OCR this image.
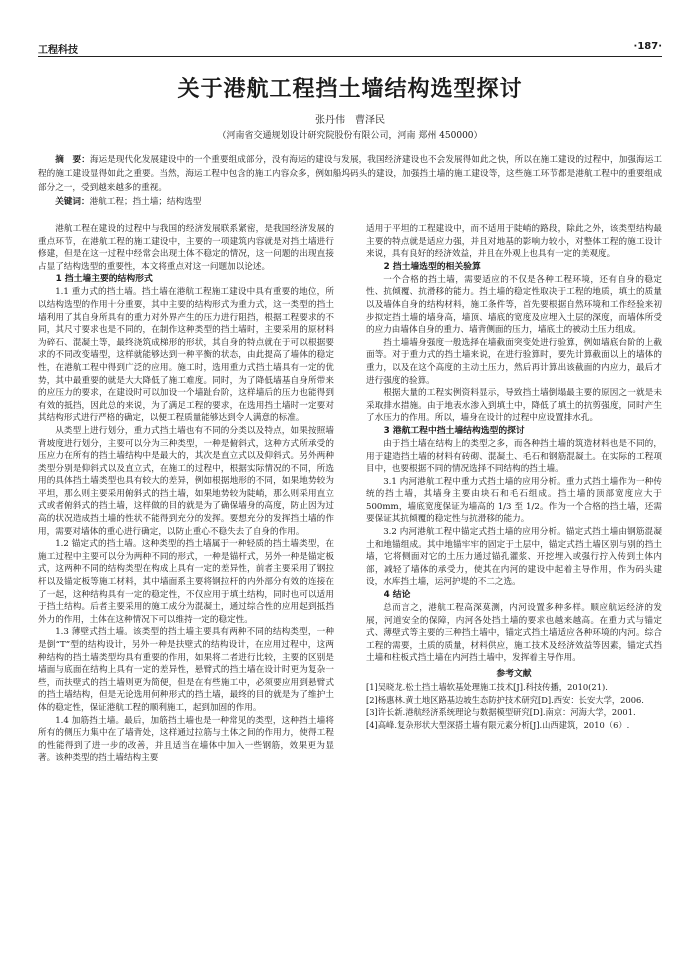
工程科技	·187·
关于港航工程挡土墙结构选型探讨
张丹伟　曹泽民
（河南省交通规划设计研究院股份有限公司，河南 郑州 450000）
摘　要：海运是现代化发展建设中的一个重要组成部分，没有海运的建设与发展，我国经济建设也不会发展得如此之快，所以在施工建设的过程中，加强海运工程的施工建设显得如此之重要。当然，海运工程中包含的施工内容众多，例如船坞码头的建设，加强挡土墙的施工建设等，这些施工环节都是港航工程中的重要组成部分之一，受到越来越多的重视。
关键词：港航工程；挡土墙；结构选型

港航工程在建设的过程中与我国的经济发展联系紧密，是我国经济发展的重点环节，在港航工程的施工建设中，主要的一项建筑内容就是对挡土墙进行修建，但是在这一过程中经常会出现土体不稳定的情况，这一问题的出现直接占显了结构选型的重要性，本文将重点对这一问题加以论述。

1 挡土墙主要的结构形式

1.1 重力式的挡土墙。挡土墙在港航工程施工建设中具有重要的地位，所以结构选型的作用十分重要，其中主要的结构形式为重力式，这一类型的挡土墙利用了其自身所具有的重力对外界产生的压力进行阻挡，根据工程要求的不同，其尺寸要求也是不同的，在制作这种类型的挡土墙时，主要采用的原材料为碎石、混凝土等，最终浇筑成梯形的形状，其自身的特点就在于可以根据要求的不同改变墙型，这样就能够达到一种平衡的状态，由此提高了墙体的稳定性，在港航工程中得到广泛的应用。施工时，选用重力式挡土墙具有一定的优势，其中最重要的就是大大降低了施工难度。同时，为了降低墙基自身所带来的应压力的要求，在建设时可以加设一个墙趾台阶，这样墙后的压力也能得到有效的抵挡，因此总的来说，为了满足工程的要求，在选用挡土墙时一定要对其结构形式进行严格的确定，以便工程质量能够达到令人满意的标准。

从类型上进行划分，重力式挡土墙也有不同的分类以及特点，如果按照墙背坡度进行划分，主要可以分为三种类型，一种是俯斜式，这种方式所承受的压应力在所有的挡土墙结构中是最大的，其次是直立式以及仰斜式。另外两种类型分别是仰斜式以及直立式，在施工的过程中，根据实际情况的不同，所选用的具体挡土墙类型也具有较大的差异，例如根据地形的不同，如果地势较为平坦，那么则主要采用俯斜式的挡土墙，如果地势较为陡峭，那么则采用直立式或者俯斜式的挡土墙，这样做的目的就是为了确保墙身的高度，防止因为过高的状况造成挡土墙的性状不能得到充分的发挥。要想充分的发挥挡土墙的作用，需要对墙体的重心进行确定，以防止重心不稳失去了自身的作用。

1.2 锚定式的挡土墙。这种类型的挡土墙属于一种轻质的挡土墙类型，在施工过程中主要可以分为两种不同的形式，一种是锚杆式，另外一种是锚定板式，这两种不同的结构类型在构成上具有一定的差异性，前者主要采用了钢拉杆以及锚定板等施工材料，其中墙面系主要将钢拉杆的内外部分有效的连接在了一起，这种结构具有一定的稳定性，不仅应用于填土结构，同时也可以适用于挡土结构。后者主要采用的施工成分为混凝土，通过综合性的应用起到抵挡外力的作用，土体在这种情况下可以维持一定的稳定性。

1.3 薄壁式挡土墙。该类型的挡土墙主要具有两种不同的结构类型，一种是倒“T”型的结构设计，另外一种是扶壁式的结构设计，在应用过程中，这两种结构的挡土墙类型均具有重要的作用，如果将二者进行比较，主要的区别是墙面与底面在结构上具有一定的差异性，悬臂式的挡土墙在设计时更为复杂一些，而扶壁式的挡土墙则更为简便，但是在有些施工中，必须要应用到悬臂式的挡土墙结构，但是无论选用何种形式的挡土墙，最终的目的就是为了维护土体的稳定性，保证港航工程的顺利施工，起到加固的作用。

1.4 加筋挡土墙。最后，加筋挡土墙也是一种常见的类型，这种挡土墙将所有的侧压力集中在了墙背处，这样通过拉筋与土体之间的作用力，使得工程的性能得到了进一步的改善，并且适当在墙体中加入一些钢筋，效果更为显著。该种类型的挡土墙结构主要

适用于平坦的工程建设中，而不适用于陡峭的路段，除此之外，该类型结构最主要的特点就是适应力强，并且对地基的影响力较小，对整体工程的施工设计来说，具有良好的经济效益，并且在外观上也具有一定的美观度。

2 挡土墙选型的相关验算

一个合格的挡土墙，需要适应的不仅是各种工程环境，还有自身的稳定性、抗倾覆、抗滑移的能力。挡土墙的稳定性取决于工程的地质，填土的质量以及墙体自身的结构材料，施工条件等，首先要根据自然环境和工作经验来初步拟定挡土墙的墙身高，墙顶、墙底的宽度及应埋入土层的深度，而墙体所受的应力由墙体自身的重力、墙背侧面的压力，墙底土的被动土压力组成。

挡土墙墙身强度一般选择在墙截面突变处进行验算，例如墙底台阶的上截面等。对于重力式的挡土墙来说，在进行验算时，要先计算截面以上的墙体的重力，以及在这个高度的主动土压力，然后再计算出该截面的内应力，最后才进行强度的验算。

根据大量的工程实例资料显示，导致挡土墙倒塌最主要的原因之一就是未采取排水措施。由于地表水渗入到填土中，降低了填土的抗剪强度，同时产生了水压力的作用。所以，墙身在设计的过程中应设置排水孔。

3 港航工程中挡土墙结构选型的探讨

由于挡土墙在结构上的类型之多，而各种挡土墙的筑造材料也是不同的，用于建造挡土墙的材料有砖砌、混凝土、毛石和钢筋混凝土。在实际的工程项目中，也要根据不同的情况选择不同结构的挡土墙。

3.1 内河港航工程中重力式挡土墙的应用分析。重力式挡土墙作为一种传统的挡土墙，其墙身主要由块石和毛石组成。挡土墙的顶部宽度应大于 500mm，墙底宽度保证为墙高的 1/3 至 1/2。作为一个合格的挡土墙，还需要保证其抗倾覆的稳定性与抗滑移的能力。

3.2 内河港航工程中锚定式挡土墙的应用分析。锚定式挡土墙由钢筋混凝土和地锚组成。其中地锚牢牢的固定于土层中，锚定式挡土墙区别与别的挡土墙，它将侧面对它的土压力通过锚孔灌浆、开挖埋入或强行拧入传到土体内部，减轻了墙体的承受力，使其在内河的建设中起着主导作用，作为码头建设，水库挡土墙，运河护堤的不二之选。

4 结论

总而言之，港航工程高深莫测，内河设置多种多样。顺应航运经济的发展，河道安全的保障，内河各处挡土墙的要求也越来越高。在重力式与锚定式、薄壁式等主要的三种挡土墙中，锚定式挡土墙适应各种环境的内河。综合工程的需要，土质的质量，材料供应，施工技术及经济效益等因素，锚定式挡土墙和柱板式挡土墙在内河挡土墙中，发挥着主导作用。

参考文献

[1]吴晓龙.松土挡土墙软基处理施工技术[J].科技传播，2010(21).

[2]杨惠林.黄土地区路基边坡生态防护技术研究[D].西安：长安大学，2006.

[3]许长新.港航经济系统理论与数据模型研究[D].南京：河海大学，2001.

[4]高峰.复杂形状大型深搭土墙有限元素分析[J].山西建筑，2010（6）.
